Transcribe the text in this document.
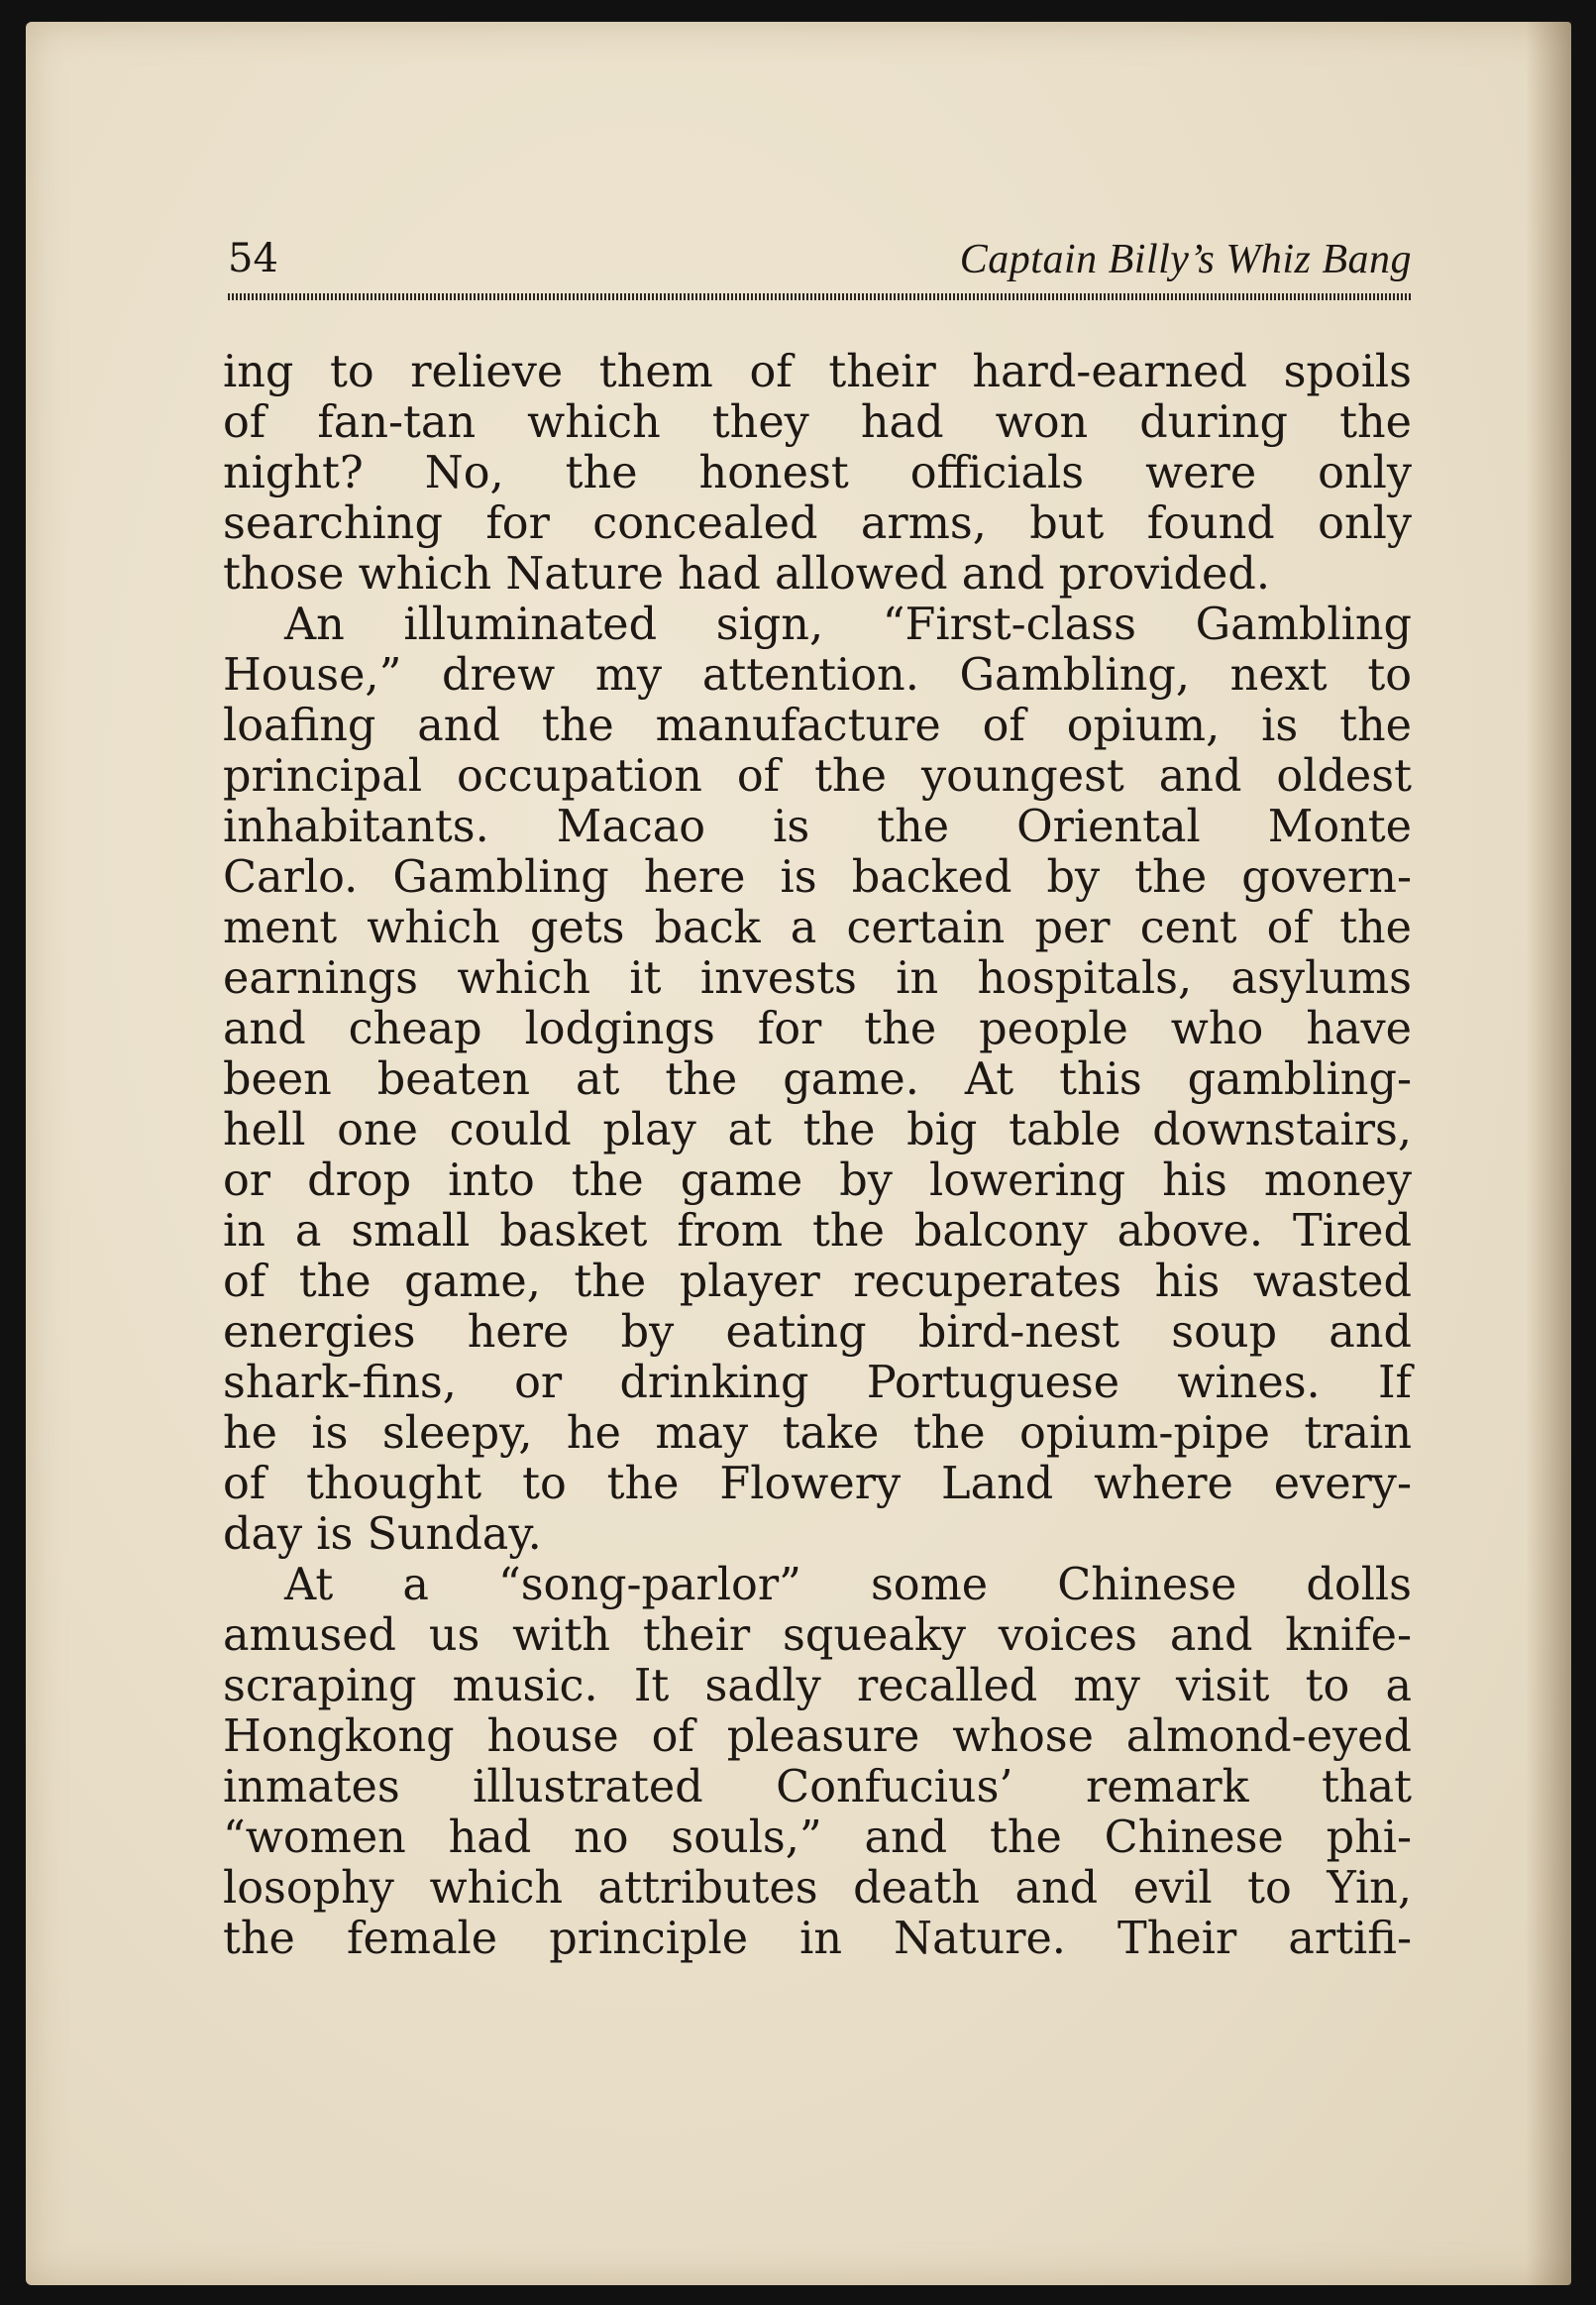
54	Captain Billy’s Whiz Bang

ing to relieve them of their hard-earned spoils

of fan-tan which they had won during the

night? No, the honest officials were only

searching for concealed arms, but found only

those which Nature had allowed and provided.

An illuminated sign, “First-class Gambling

House,” drew my attention. Gambling, next to

loafing and the manufacture of opium, is the

principal occupation of the youngest and oldest

inhabitants. Macao is the Oriental Monte

Carlo. Gambling here is backed by the govern-

ment which gets back a certain per cent of the

earnings which it invests in hospitals, asylums

and cheap lodgings for the people who have

been beaten at the game. At this gambling-

hell one could play at the big table downstairs,

or drop into the game by lowering his money

in a small basket from the balcony above. Tired

of the game, the player recuperates his wasted

energies here by eating bird-nest soup and

shark-fins, or drinking Portuguese wines. If

he is sleepy, he may take the opium-pipe train

of thought to the Flowery Land where every-

day is Sunday.

At a “song-parlor” some Chinese dolls

amused us with their squeaky voices and knife-

scraping music. It sadly recalled my visit to a

Hongkong house of pleasure whose almond-eyed

inmates illustrated Confucius’ remark that

“women had no souls,” and the Chinese phi-

losophy which attributes death and evil to Yin,

the female principle in Nature. Their artifi-
